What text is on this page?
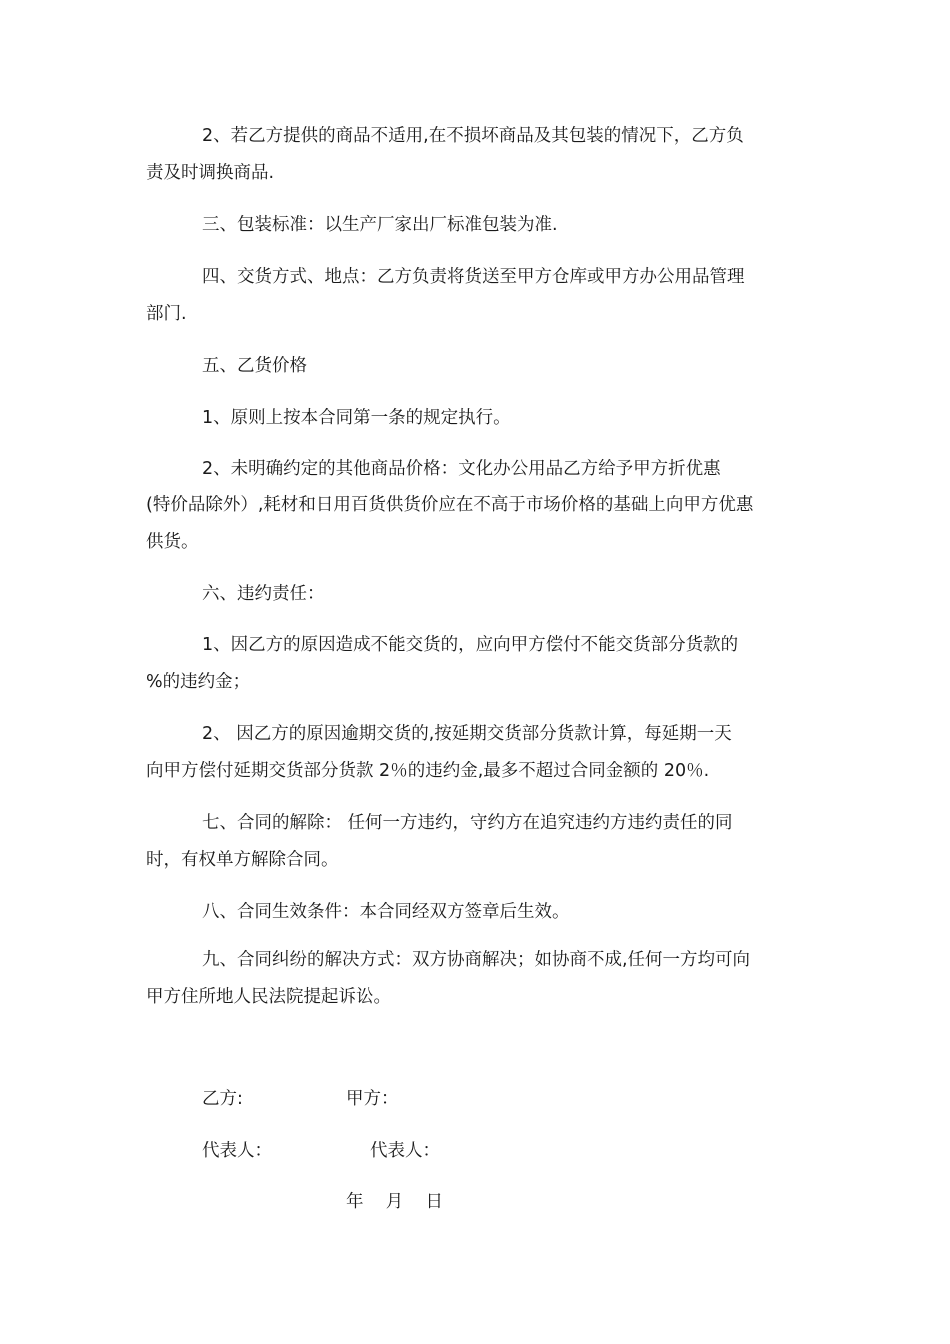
2、若乙方提供的商品不适用,在不损坏商品及其包装的情况下，乙方负
责及时调换商品.
三、包装标准：以生产厂家出厂标准包装为准.
四、交货方式、地点：乙方负责将货送至甲方仓库或甲方办公用品管理
部门.
五、乙货价格
1、原则上按本合同第一条的规定执行。
2、未明确约定的其他商品价格：文化办公用品乙方给予甲方折优惠
(特价品除外）,耗材和日用百货供货价应在不高于市场价格的基础上向甲方优惠
供货。
六、违约责任：
1、因乙方的原因造成不能交货的，应向甲方偿付不能交货部分货款的
%的违约金；
2、 因乙方的原因逾期交货的,按延期交货部分货款计算，每延期一天
向甲方偿付延期交货部分货款 2％的违约金,最多不超过合同金额的 20％.
七、合同的解除： 任何一方违约，守约方在追究违约方违约责任的同
时，有权单方解除合同。
八、合同生效条件：本合同经双方签章后生效。
九、合同纠纷的解决方式：双方协商解决；如协商不成,任何一方均可向
甲方住所地人民法院提起诉讼。
乙方:	甲方：
代表人：	代表人：
年    月    日
